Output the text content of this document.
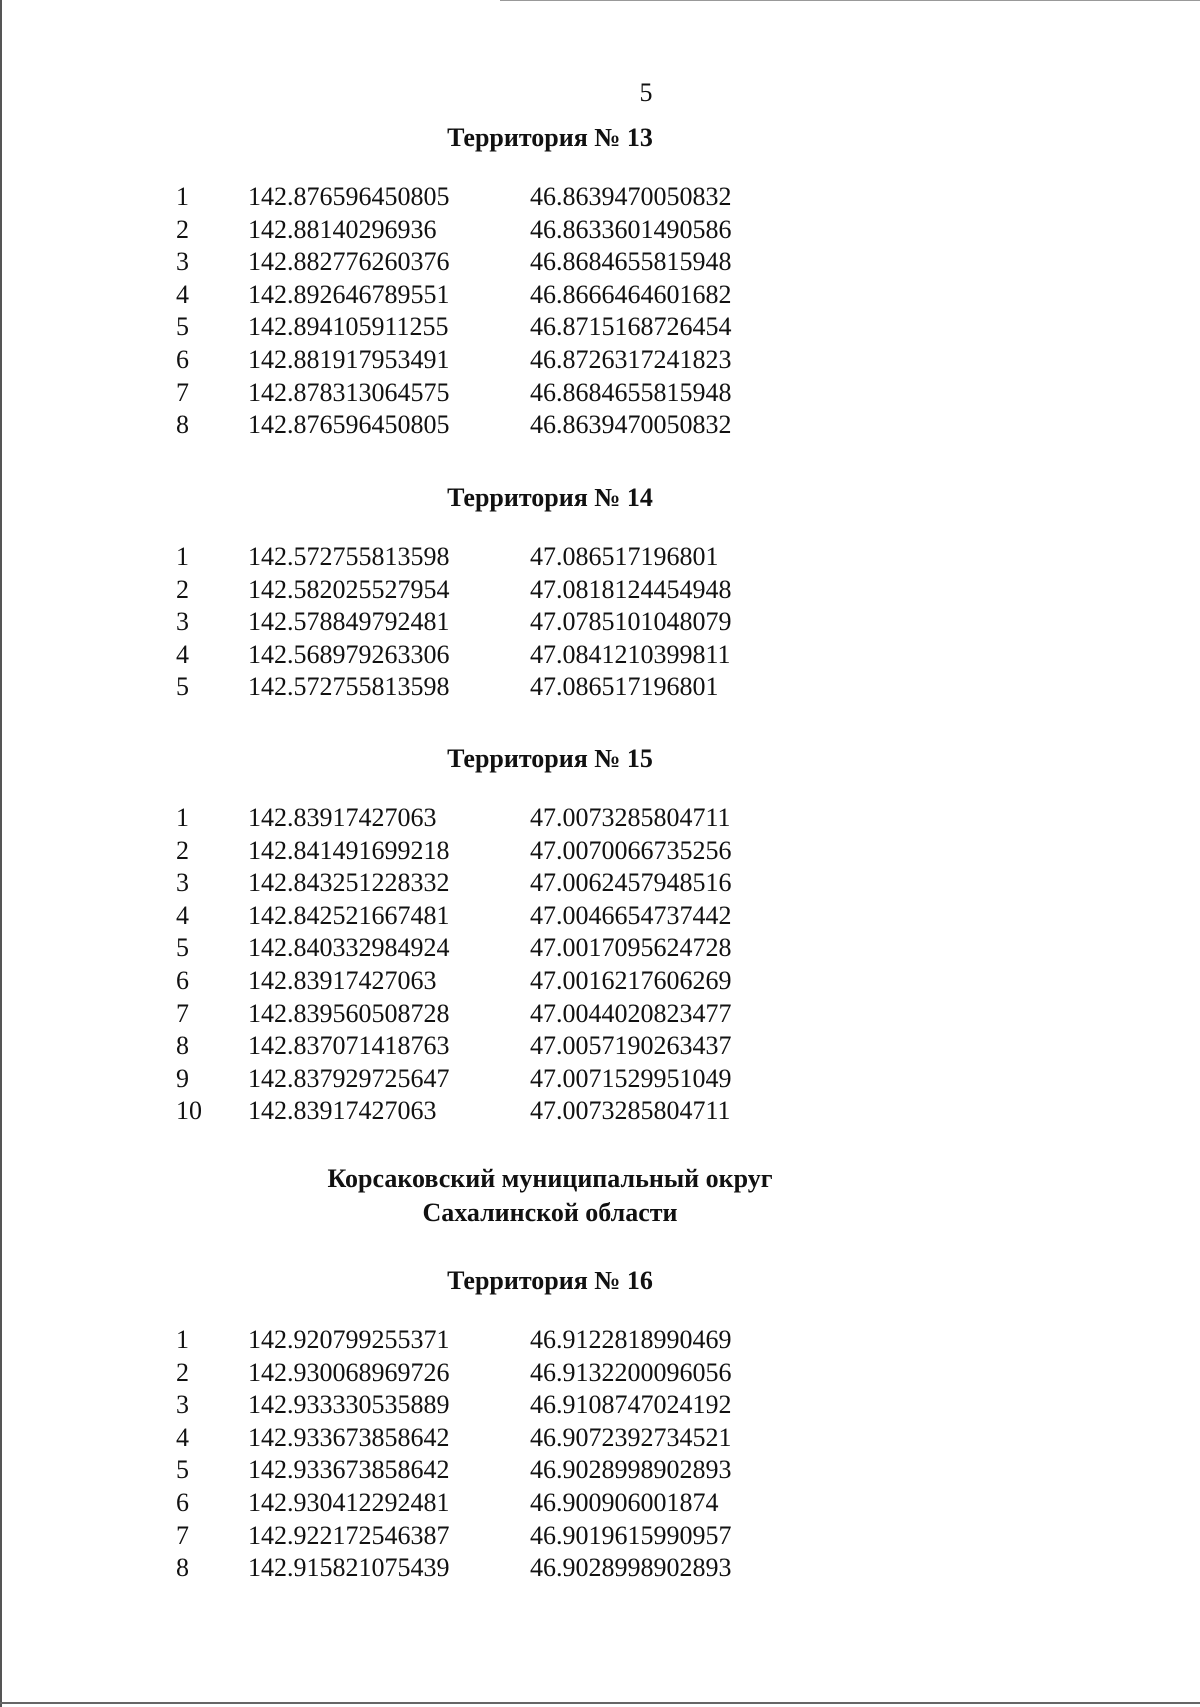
5
Территория № 13
1 142.876596450805	46.8639470050832
2 142.88140296936	46.8633601490586
3 142.882776260376	46.8684655815948
4 142.892646789551	46.8666464601682
5 142.894105911255	46.8715168726454
6 142.881917953491	46.8726317241823
7 142.878313064575	46.8684655815948
8 142.876596450805	46.8639470050832
Территория № 14
1 142.572755813598	47.086517196801
2 142.582025527954	47.0818124454948
3 142.578849792481	47.0785101048079
4 142.568979263306	47.0841210399811
5 142.572755813598	47.086517196801
Территория № 15
1 142.83917427063	47.0073285804711
2 142.841491699218	47.0070066735256
3 142.843251228332	47.0062457948516
4 142.842521667481	47.0046654737442
5 142.840332984924	47.0017095624728
6 142.83917427063	47.0016217606269
7 142.839560508728	47.0044020823477
8 142.837071418763	47.0057190263437
9 142.837929725647	47.0071529951049
10 142.83917427063	47.0073285804711
Корсаковский муниципальный округ
Сахалинской области
Территория № 16
1 142.920799255371	46.9122818990469
2 142.930068969726	46.9132200096056
3 142.933330535889	46.9108747024192
4 142.933673858642	46.9072392734521
5 142.933673858642	46.9028998902893
6 142.930412292481	46.900906001874
7 142.922172546387	46.9019615990957
8 142.915821075439	46.9028998902893
